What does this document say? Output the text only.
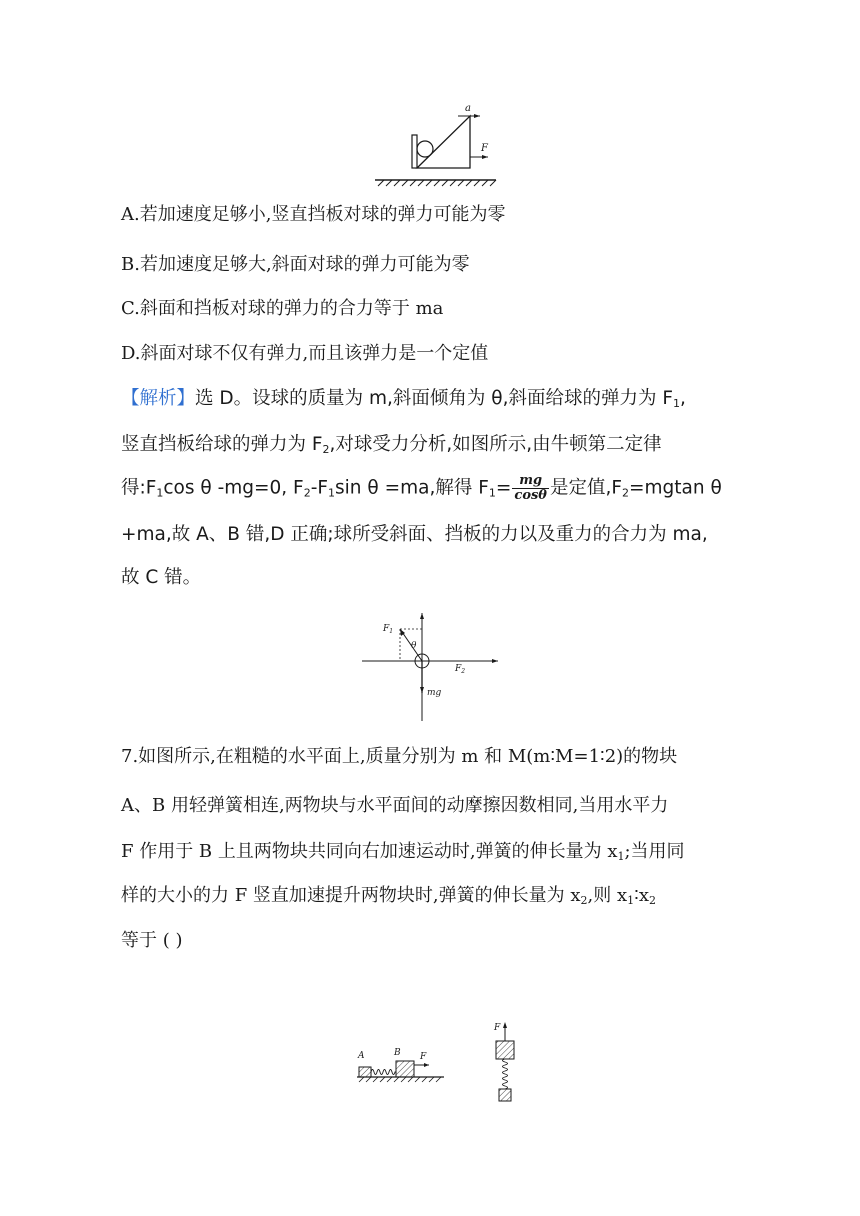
a
F
A.若加速度足够小,竖直挡板对球的弹力可能为零
B.若加速度足够大,斜面对球的弹力可能为零
C.斜面和挡板对球的弹力的合力等于 ma
D.斜面对球不仅有弹力,而且该弹力是一个定值
【解析】选 D。设球的质量为 m,斜面倾角为 θ,斜面给球的弹力为 $F_1$,
竖直挡板给球的弹力为 $F_2$,对球受力分析,如图所示,由牛顿第二定律
得$:F_1\cos$ θ -mg=0, $F_2-F_1\sin$ θ =ma,解得 $F_1= \frac{mg}{\cos\theta}$ 是定值$,F_2=mgtan$ θ
+ma,故 A、B 错,D 正确;球所受斜面、挡板的力以及重力的合力为 ma,
故 C 错。
$F_1$
θ
$F_2$
mg
7.如图所示,在粗糙的水平面上,质量分别为 m 和 M(m∶M=1∶2)的物块
A、B 用轻弹簧相连,两物块与水平面间的动摩擦因数相同,当用水平力
F 作用于 B 上且两物块共同向右加速运动时,弹簧的伸长量为 $x_1$;当用同
样的大小的力 F 竖直加速提升两物块时,弹簧的伸长量为 $x_2$,则 $x_1∶x_2$
等于 ( )
A	B F
F
